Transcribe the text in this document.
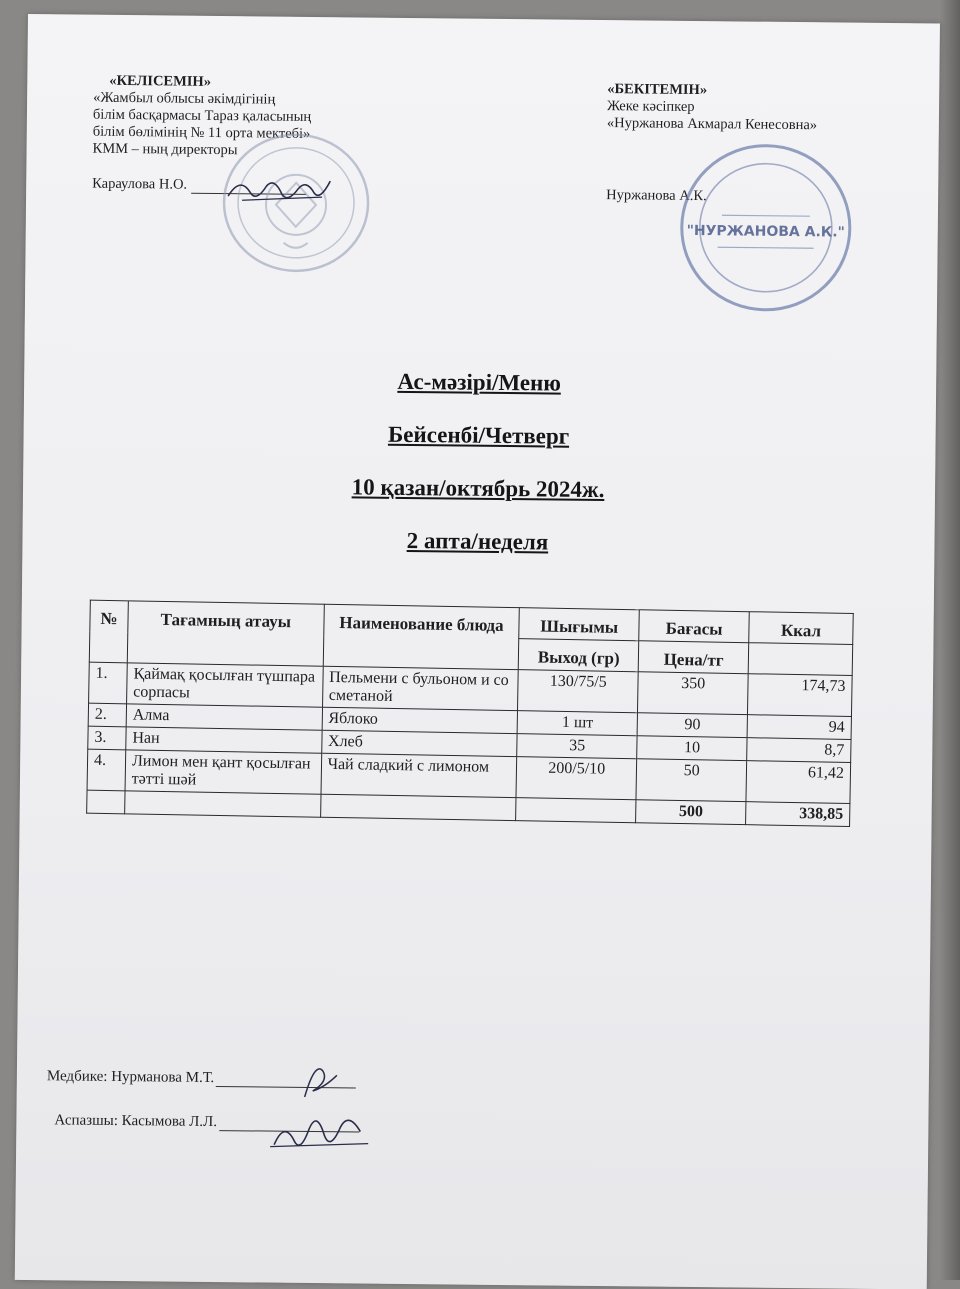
«КЕЛІСЕМІН»
«Жамбыл облысы әкімдігінің
білім басқармасы Тараз қаласының
білім бөлімінің № 11 орта мектебі»
КММ – ның директоры
Караулова Н.О.
«БЕКІТЕМІН»
Жеке кәсіпкер
«Нуржанова Акмарал Кенесовна»
Нуржанова А.К.
"НУРЖАНОВА А.К."
Ас-мәзірі/Меню
Бейсенбі/Четверг
10 қазан/октябрь 2024ж.
2 апта/неделя
№	Тағамның атауы	Наименование блюда	Шығымы	Бағасы	Ккал
			Выход (гр)	Цена/тг	
1.	Қаймақ қосылған түшпара сорпасы	Пельмени с бульоном и со сметаной	130/75/5	350	174,73
2.	Алма	Яблоко	1 шт	90	94
3.	Нан	Хлеб	35	10	8,7
4.	Лимон мен қант қосылған тәтті шәй	Чай сладкий с лимоном	200/5/10	50	61,42
				500	338,85
Медбике: Нурманова М.Т.
Аспазшы: Касымова Л.Л.
